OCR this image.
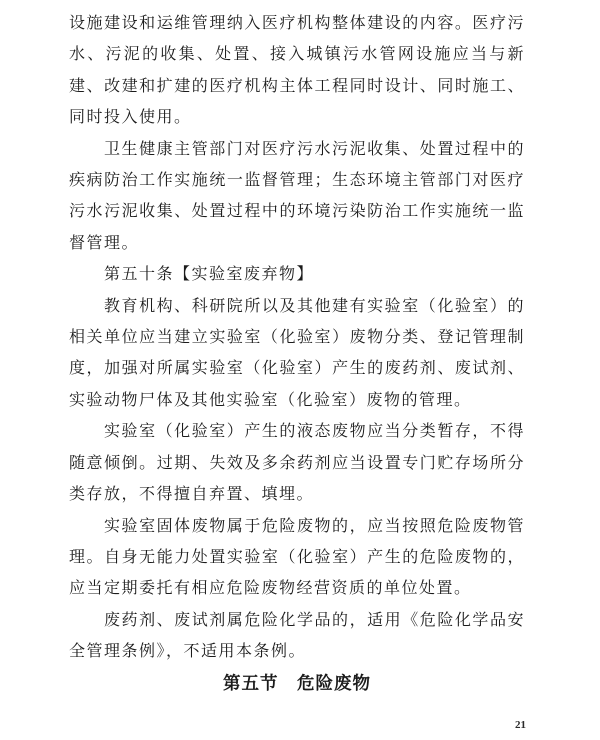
设施建设和运维管理纳入医疗机构整体建设的内容。医疗污水、污泥的收集、处置、接入城镇污水管网设施应当与新建、改建和扩建的医疗机构主体工程同时设计、同时施工、同时投入使用。

卫生健康主管部门对医疗污水污泥收集、处置过程中的疾病防治工作实施统一监督管理；生态环境主管部门对医疗污水污泥收集、处置过程中的环境污染防治工作实施统一监督管理。

第五十条【实验室废弃物】

教育机构、科研院所以及其他建有实验室（化验室）的相关单位应当建立实验室（化验室）废物分类、登记管理制度，加强对所属实验室（化验室）产生的废药剂、废试剂、实验动物尸体及其他实验室（化验室）废物的管理。

实验室（化验室）产生的液态废物应当分类暂存，不得随意倾倒。过期、失效及多余药剂应当设置专门贮存场所分类存放，不得擅自弃置、填埋。

实验室固体废物属于危险废物的，应当按照危险废物管理。自身无能力处置实验室（化验室）产生的危险废物的，应当定期委托有相应危险废物经营资质的单位处置。

废药剂、废试剂属危险化学品的，适用《危险化学品安全管理条例》，不适用本条例。

第五节　危险废物

21
